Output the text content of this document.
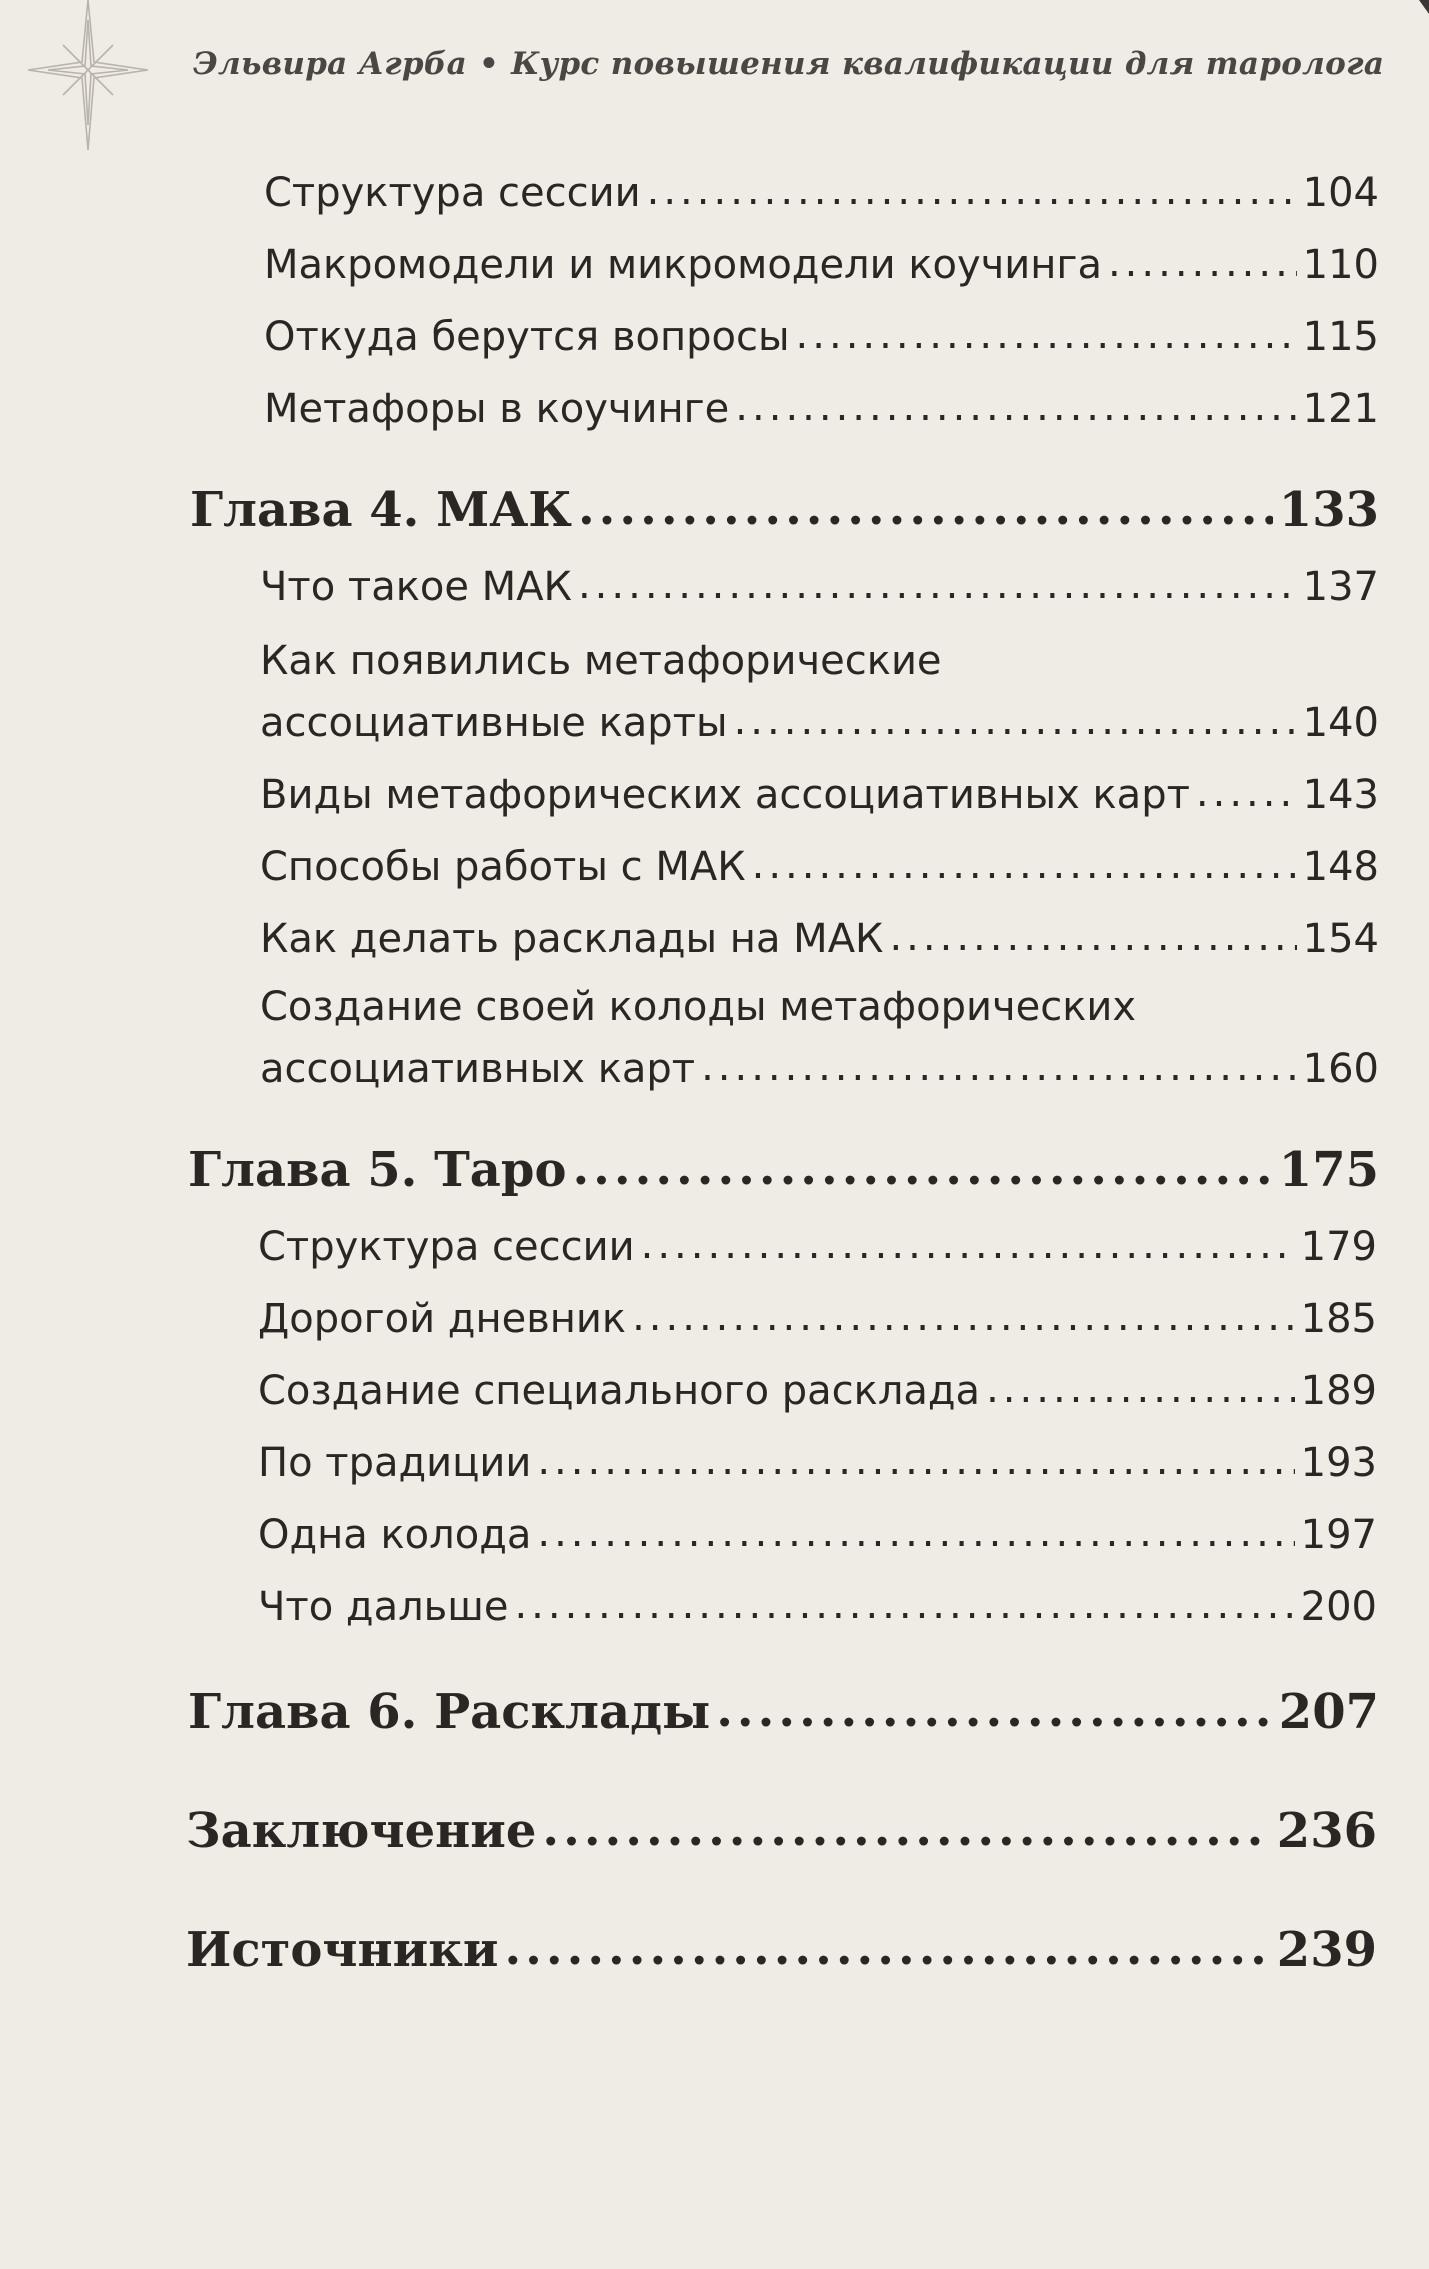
Эльвира Агрба • Курс повышения квалификации для таролога
Структура сессии .....	104
Макромодели и микромодели коучинга .....	110
Откуда берутся вопросы .....	115
Метафоры в коучинге .....	121
Глава 4. МАК .....	133
Что такое МАК .....	137
Как появились метафорические
ассоциативные карты .....	140
Виды метафорических ассоциативных карт .....	143
Способы работы с МАК .....	148
Как делать расклады на МАК .....	154
Создание своей колоды метафорических
ассоциативных карт .....	160
Глава 5. Таро .....	175
Структура сессии .....	179
Дорогой дневник .....	185
Создание специального расклада .....	189
По традиции .....	193
Одна колода .....	197
Что дальше .....	200
Глава 6. Расклады .....	207
Заключение .....	236
Источники .....	239
